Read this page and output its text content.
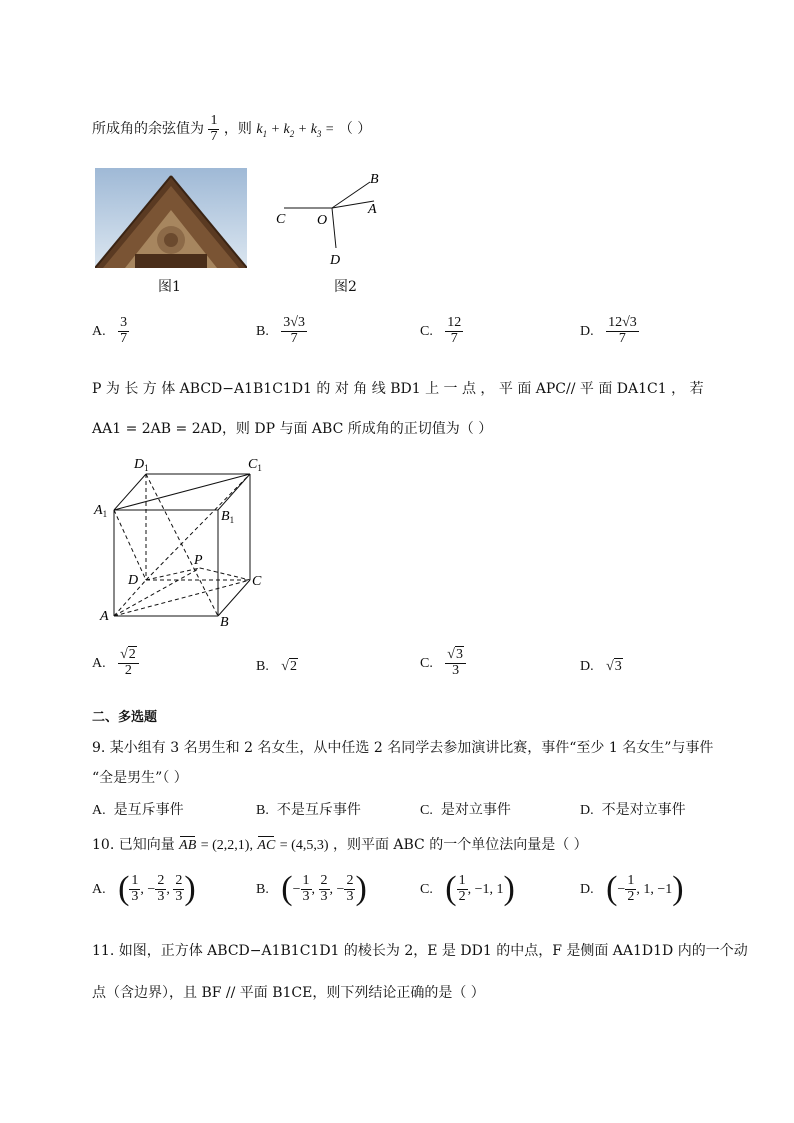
所成角的余弦值为 $\frac{1}{7}$ ，则 $k_1 + k_2 + k_3$ = （ ）
图1
B
A
C O
D
图2
A. $\frac{3}{7}$	B. $\frac{3√3}{7}$	C. $\frac{12}{7}$	D. $\frac{12√3}{7}$
P 为 长 方 体 ABCD−A1B1C1D1 的 对 角 线 BD1 上 一 点 ， 平 面 APC// 平 面 DA1C1 ， 若
AA1 = 2AB = 2AD，则 DP 与面 ABC 所成角的正切值为（ ）
$D_1$	$C_1$
$A_1$	$B_1$
P
D	C
A	B
A. $\frac{√2}{2}$	B. √2	C. $\frac{√3}{3}$	D. √3
二、多选题
9. 某小组有 3 名男生和 2 名女生，从中任选 2 名同学去参加演讲比赛，事件“至少 1 名女生”与事件
“全是男生”（ ）
A. 是互斥事件	B. 不是互斥事件	C. 是对立事件	D. 不是对立事件
10. 已知向量 AB = (2,2,1), AC = (4,5,3) ，则平面 ABC 的一个单位法向量是（ ）
A. ( $\frac{1}{3}$ , − $\frac{2}{3}$ , $\frac{2}{3}$ )	B. (− $\frac{1}{3}$ , $\frac{2}{3}$ , − $\frac{2}{3}$ )	C. ( $\frac{1}{2}$ , −1, 1)	D. (− $\frac{1}{2}$ , 1, −1)
11. 如图，正方体 ABCD−A1B1C1D1 的棱长为 2，E 是 DD1 的中点，F 是侧面 AA1D1D 内的一个动
点（含边界），且 BF // 平面 B1CE，则下列结论正确的是（ ）
